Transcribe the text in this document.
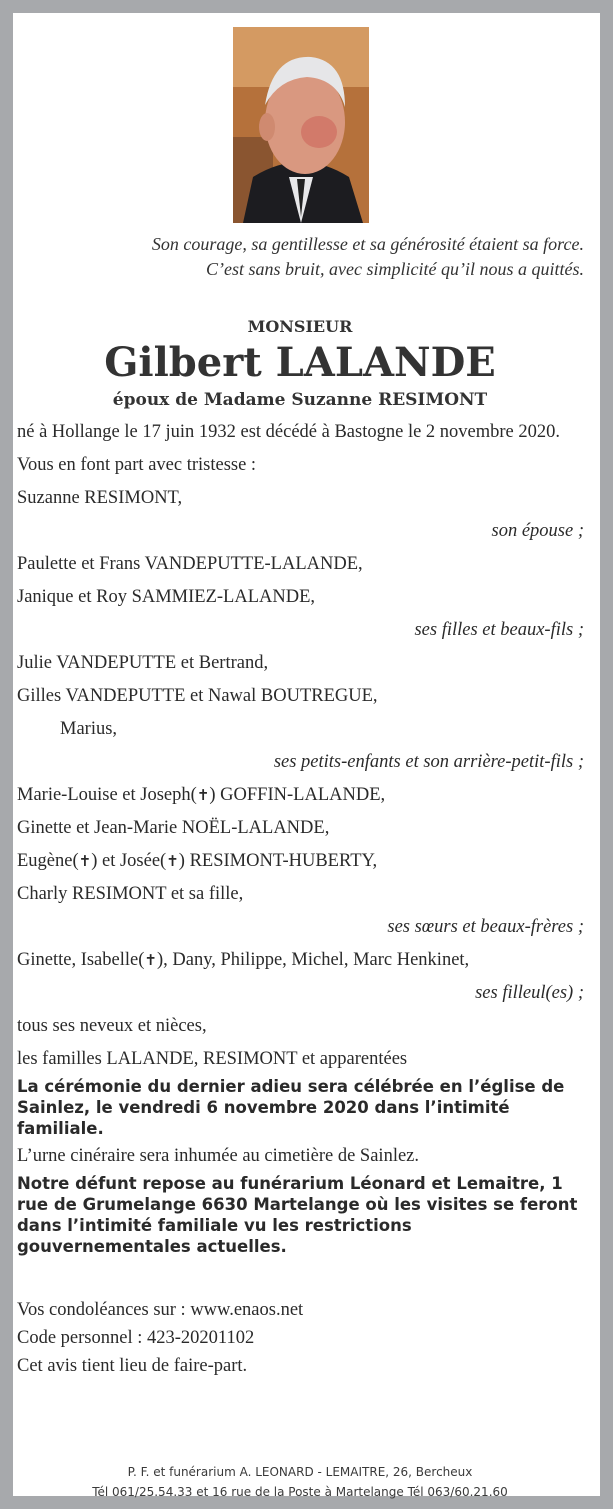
Son courage, sa gentillesse et sa générosité étaient sa force.

C’est sans bruit, avec simplicité qu’il nous a quittés.

MONSIEUR
Gilbert LALANDE
époux de Madame Suzanne RESIMONT

né à Hollange le 17 juin 1932 est décédé à Bastogne le 2 novembre 2020.

Vous en font part avec tristesse :

Suzanne RESIMONT,

son épouse ;

Paulette et Frans VANDEPUTTE-LALANDE,

Janique et Roy SAMMIEZ-LALANDE,

ses filles et beaux-fils ;

Julie VANDEPUTTE et Bertrand,

Gilles VANDEPUTTE et Nawal BOUTREGUE,

Marius,

ses petits-enfants et son arrière-petit-fils ;

Marie-Louise et Joseph(✝) GOFFIN-LALANDE,

Ginette et Jean-Marie NOËL-LALANDE,

Eugène(✝) et Josée(✝) RESIMONT-HUBERTY,

Charly RESIMONT et sa fille,

ses sœurs et beaux-frères ;

Ginette, Isabelle(✝), Dany, Philippe, Michel, Marc Henkinet,

ses filleul(es) ;

tous ses neveux et nièces,

les familles LALANDE, RESIMONT et apparentées

La cérémonie du dernier adieu sera célébrée en l’église de Sainlez, le vendredi 6 novembre 2020 dans l’intimité familiale.

L’urne cinéraire sera inhumée au cimetière de Sainlez.

Notre défunt repose au funérarium Léonard et Lemaitre, 1 rue de Grumelange 6630 Martelange où les visites se feront dans l’intimité familiale vu les restrictions gouvernementales actuelles.

Vos condoléances sur : www.enaos.net

Code personnel : 423-20201102

Cet avis tient lieu de faire-part.

P. F. et funérarium A. LEONARD - LEMAITRE, 26, Bercheux
Tél 061/25.54.33 et 16 rue de la Poste à Martelange Tél 063/60.21.60
